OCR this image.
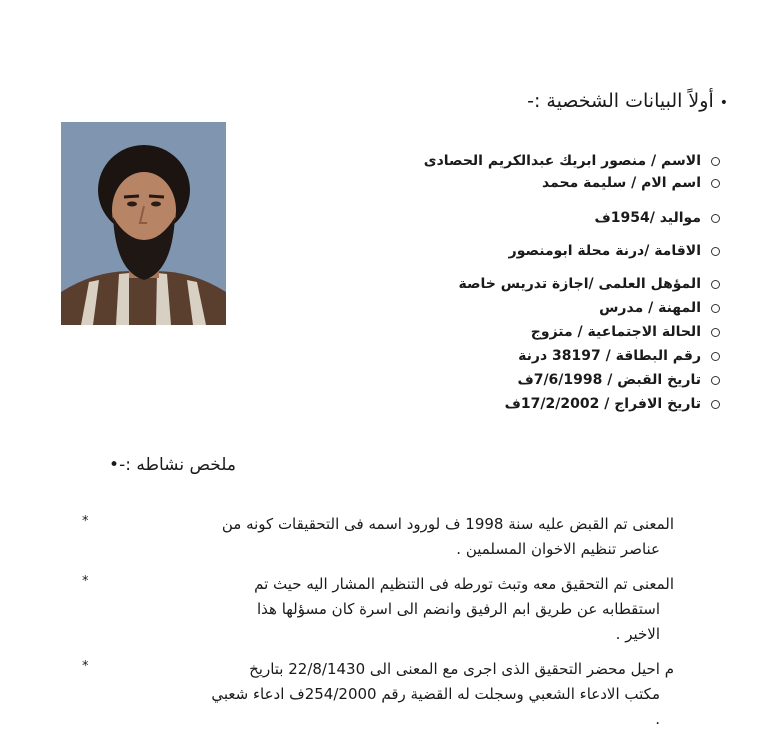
•أولاً البيانات الشخصية :-
الاسم / منصور ابريك عبدالكريم الحصادى
اسم الام / سليمة محمد
مواليد /1954ف
الاقامة /درنة محلة ابومنصور
المؤهل العلمى /اجازة تدريس خاصة
المهنة / مدرس
الحالة الاجتماعية / متزوج
رقم البطاقة / 38197 درنة
تاريخ القبض / 7/6/1998ف
تاريخ الافراج / 17/2/2002ف
ملخص نشاطه :-•
*	المعنى تم القبض عليه سنة 1998 ف لورود اسمه فى التحقيقات كونه من
عناصر تنظيم الاخوان المسلمين .
*	المعنى تم التحقيق معه وتبث تورطه فى التنظيم المشار اليه حيث تم
استقطابه عن طريق ابم الرفيق وانضم الى اسرة كان مسؤلها هذا
الاخير .
*	م احيل محضر التحقيق الذى اجرى مع المعنى الى 22/8/1430 بتاريخ
مكتب الادعاء الشعبي وسجلت له القضية رقم 254/2000ف ادعاء شعبي
.
